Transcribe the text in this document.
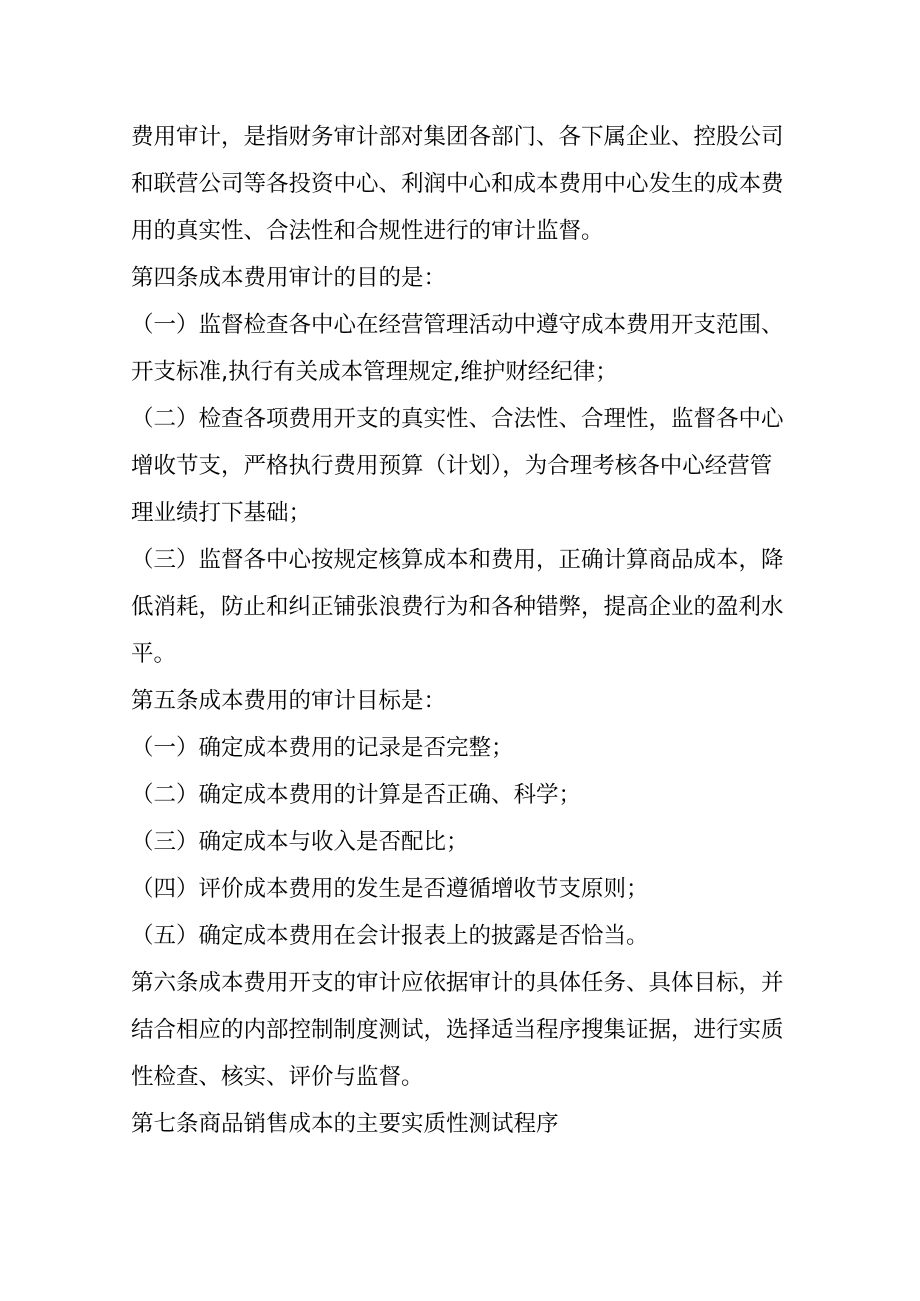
费用审计，是指财务审计部对集团各部门、各下属企业、控股公司
和联营公司等各投资中心、利润中心和成本费用中心发生的成本费
用的真实性、合法性和合规性进行的审计监督。
第四条成本费用审计的目的是：
（一）监督检查各中心在经营管理活动中遵守成本费用开支范围、
开支标准,执行有关成本管理规定,维护财经纪律；
（二）检查各项费用开支的真实性、合法性、合理性，监督各中心
增收节支，严格执行费用预算（计划），为合理考核各中心经营管
理业绩打下基础；
（三）监督各中心按规定核算成本和费用，正确计算商品成本，降
低消耗，防止和纠正铺张浪费行为和各种错弊，提高企业的盈利水
平。
第五条成本费用的审计目标是：
（一）确定成本费用的记录是否完整；
（二）确定成本费用的计算是否正确、科学；
（三）确定成本与收入是否配比；
（四）评价成本费用的发生是否遵循增收节支原则；
（五）确定成本费用在会计报表上的披露是否恰当。
第六条成本费用开支的审计应依据审计的具体任务、具体目标，并
结合相应的内部控制制度测试，选择适当程序搜集证据，进行实质
性检查、核实、评价与监督。
第七条商品销售成本的主要实质性测试程序
